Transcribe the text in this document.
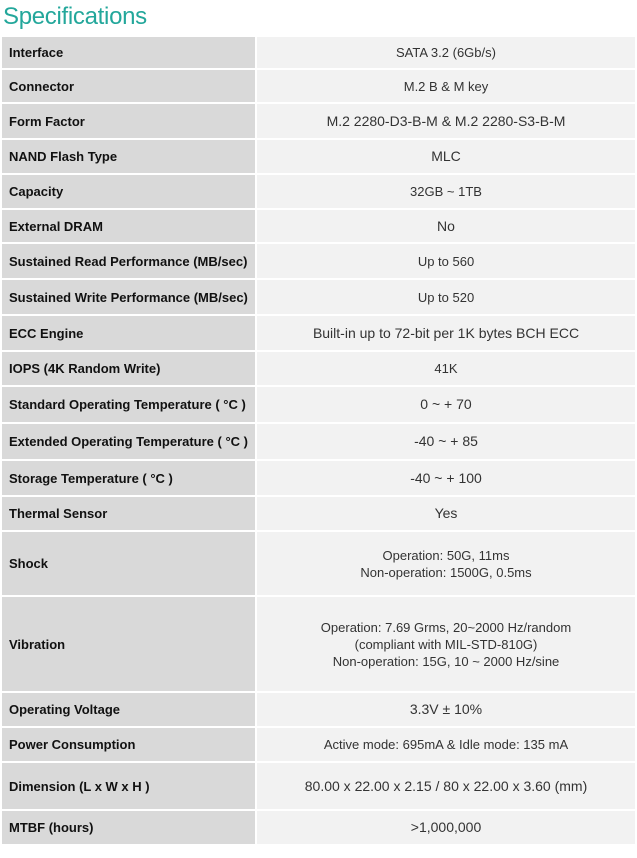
Specifications
Interface	SATA 3.2 (6Gb/s)

Connector	M.2 B & M key

Form Factor	M.2 2280-D3-B-M & M.2 2280-S3-B-M

NAND Flash Type	MLC

Capacity	32GB ~ 1TB

External DRAM	No

Sustained Read Performance (MB/sec)	Up to 560

Sustained Write Performance (MB/sec)	Up to 520

ECC Engine	Built-in up to 72-bit per 1K bytes BCH ECC

IOPS (4K Random Write)	41K

Standard Operating Temperature ( °C )	0 ~ + 70

Extended Operating Temperature ( °C )	-40 ~ + 85

Storage Temperature ( °C )	-40 ~ + 100

Thermal Sensor	Yes

Shock	Operation: 50G, 11ms
Non-operation: 1500G, 0.5ms

Vibration	Operation: 7.69 Grms, 20~2000 Hz/random
(compliant with MIL-STD-810G)
Non-operation: 15G, 10 ~ 2000 Hz/sine

Operating Voltage	3.3V ± 10%

Power Consumption	Active mode: 695mA & Idle mode: 135 mA

Dimension (L x W x H )	80.00 x 22.00 x 2.15 / 80 x 22.00 x 3.60 (mm)

MTBF (hours)	>1,000,000
